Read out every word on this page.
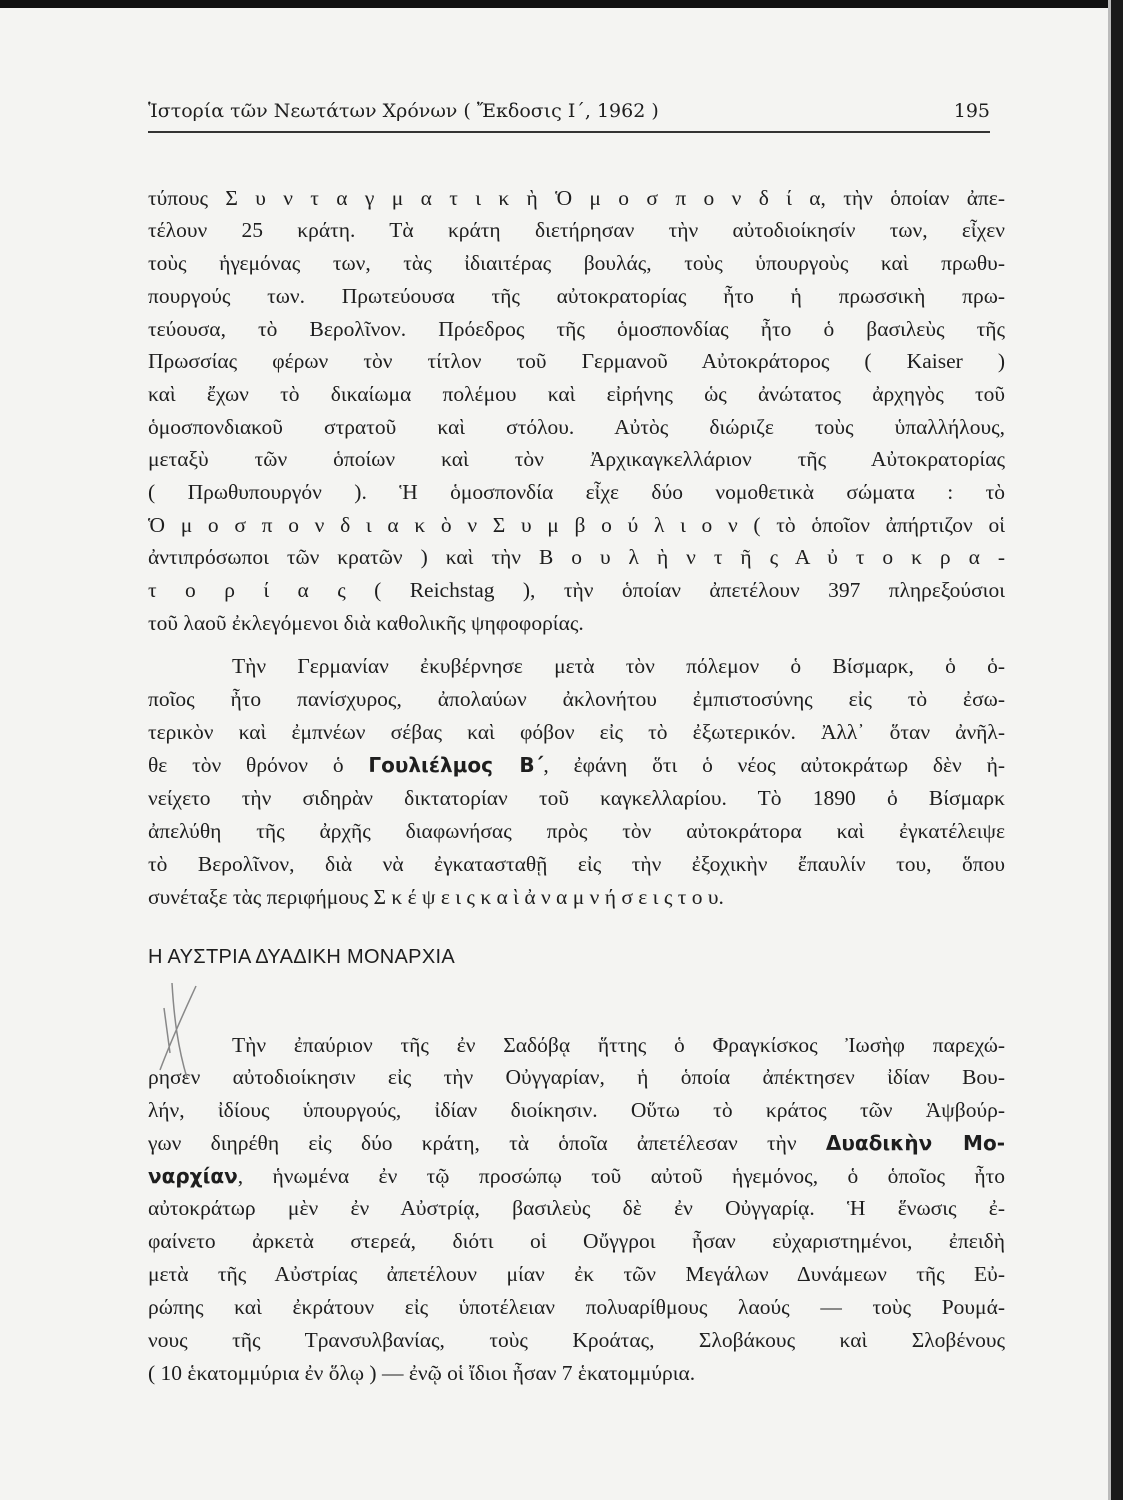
Ἱστορία τῶν Νεωτάτων Χρόνων ( Ἔκδοσις Ι΄, 1962 )	195
τύπους Σ υ ν τ α γ μ α τ ι κ ὴ Ὁ μ ο σ π ο ν δ ί α, τὴν ὁποίαν ἀπε-
τέλουν 25 κράτη. Τὰ κράτη διετήρησαν τὴν αὐτοδιοίκησίν των, εἶχεν
τοὺς ἡγεμόνας των, τὰς ἰδιαιτέρας βουλάς, τοὺς ὑπουργοὺς καὶ πρωθυ-
πουργούς των. Πρωτεύουσα τῆς αὐτοκρατορίας ἦτο ἡ πρωσσικὴ πρω-
τεύουσα, τὸ Βερολῖνον. Πρόεδρος τῆς ὁμοσπονδίας ἦτο ὁ βασιλεὺς τῆς
Πρωσσίας φέρων τὸν τίτλον τοῦ Γερμανοῦ Αὐτοκράτορος ( Kaiser )
καὶ ἔχων τὸ δικαίωμα πολέμου καὶ εἰρήνης ὡς ἀνώτατος ἀρχηγὸς τοῦ
ὁμοσπονδιακοῦ στρατοῦ καὶ στόλου. Αὐτὸς διώριζε τοὺς ὑπαλλήλους,
μεταξὺ τῶν ὁποίων καὶ τὸν Ἀρχικαγκελλάριον τῆς Αὐτοκρατορίας
( Πρωθυπουργόν ). Ἡ ὁμοσπονδία εἶχε δύο νομοθετικὰ σώματα : τὸ
Ὁ μ ο σ π ο ν δ ι α κ ὸ ν Σ υ μ β ο ύ λ ι ο ν ( τὸ ὁποῖον ἀπήρτιζον οἱ
ἀντιπρόσωποι τῶν κρατῶν ) καὶ τὴν Β ο υ λ ὴ ν τ ῆ ς Α ὐ τ ο κ ρ α -
τ ο ρ ί α ς ( Reichstag ), τὴν ὁποίαν ἀπετέλουν 397 πληρεξούσιοι
τοῦ λαοῦ ἐκλεγόμενοι διὰ καθολικῆς ψηφοφορίας.
Τὴν Γερμανίαν ἐκυβέρνησε μετὰ τὸν πόλεμον ὁ Βίσμαρκ, ὁ ὁ-
ποῖος ἦτο πανίσχυρος, ἀπολαύων ἀκλονήτου ἐμπιστοσύνης εἰς τὸ ἐσω-
τερικὸν καὶ ἐμπνέων σέβας καὶ φόβον εἰς τὸ ἐξωτερικόν. Ἀλλ᾽ ὅταν ἀνῆλ-
θε τὸν θρόνον ὁ Γουλιέλμος Β΄, ἐφάνη ὅτι ὁ νέος αὐτοκράτωρ δὲν ἠ-
νείχετο τὴν σιδηρὰν δικτατορίαν τοῦ καγκελλαρίου. Τὸ 1890 ὁ Βίσμαρκ
ἀπελύθη τῆς ἀρχῆς διαφωνήσας πρὸς τὸν αὐτοκράτορα καὶ ἐγκατέλειψε
τὸ Βερολῖνον, διὰ νὰ ἐγκατασταθῇ εἰς τὴν ἐξοχικὴν ἔπαυλίν του, ὅπου
συνέταξε τὰς περιφήμους Σ κ έ ψ ε ι ς κ α ὶ ἀ ν α μ ν ή σ ε ι ς τ ο υ.
Τὴν ἐπαύριον τῆς ἐν Σαδόβᾳ ἥττης ὁ Φραγκίσκος Ἰωσὴφ παρεχώ-
ρησεν αὐτοδιοίκησιν εἰς τὴν Οὐγγαρίαν, ἡ ὁποία ἀπέκτησεν ἰδίαν Βου-
λήν, ἰδίους ὑπουργούς, ἰδίαν διοίκησιν. Οὕτω τὸ κράτος τῶν Ἁψβούρ-
γων διηρέθη εἰς δύο κράτη, τὰ ὁποῖα ἀπετέλεσαν τὴν Δυαδικὴν Μο-
ναρχίαν, ἡνωμένα ἐν τῷ προσώπῳ τοῦ αὐτοῦ ἡγεμόνος, ὁ ὁποῖος ἦτο
αὐτοκράτωρ μὲν ἐν Αὐστρίᾳ, βασιλεὺς δὲ ἐν Οὐγγαρίᾳ. Ἡ ἕνωσις ἐ-
φαίνετο ἀρκετὰ στερεά, διότι οἱ Οὔγγροι ἦσαν εὐχαριστημένοι, ἐπειδὴ
μετὰ τῆς Αὐστρίας ἀπετέλουν μίαν ἐκ τῶν Μεγάλων Δυνάμεων τῆς Εὐ-
ρώπης καὶ ἐκράτουν εἰς ὑποτέλειαν πολυαρίθμους λαούς — τοὺς Ρουμά-
νους τῆς Τρανσυλβανίας, τοὺς Κροάτας, Σλοβάκους καὶ Σλοβένους
( 10 ἑκατομμύρια ἐν ὅλῳ ) — ἐνῷ οἱ ἴδιοι ἦσαν 7 ἑκατομμύρια.
Η ΑΥΣΤΡΙΑ ΔΥΑΔΙΚΗ ΜΟΝΑΡΧΙΑ
